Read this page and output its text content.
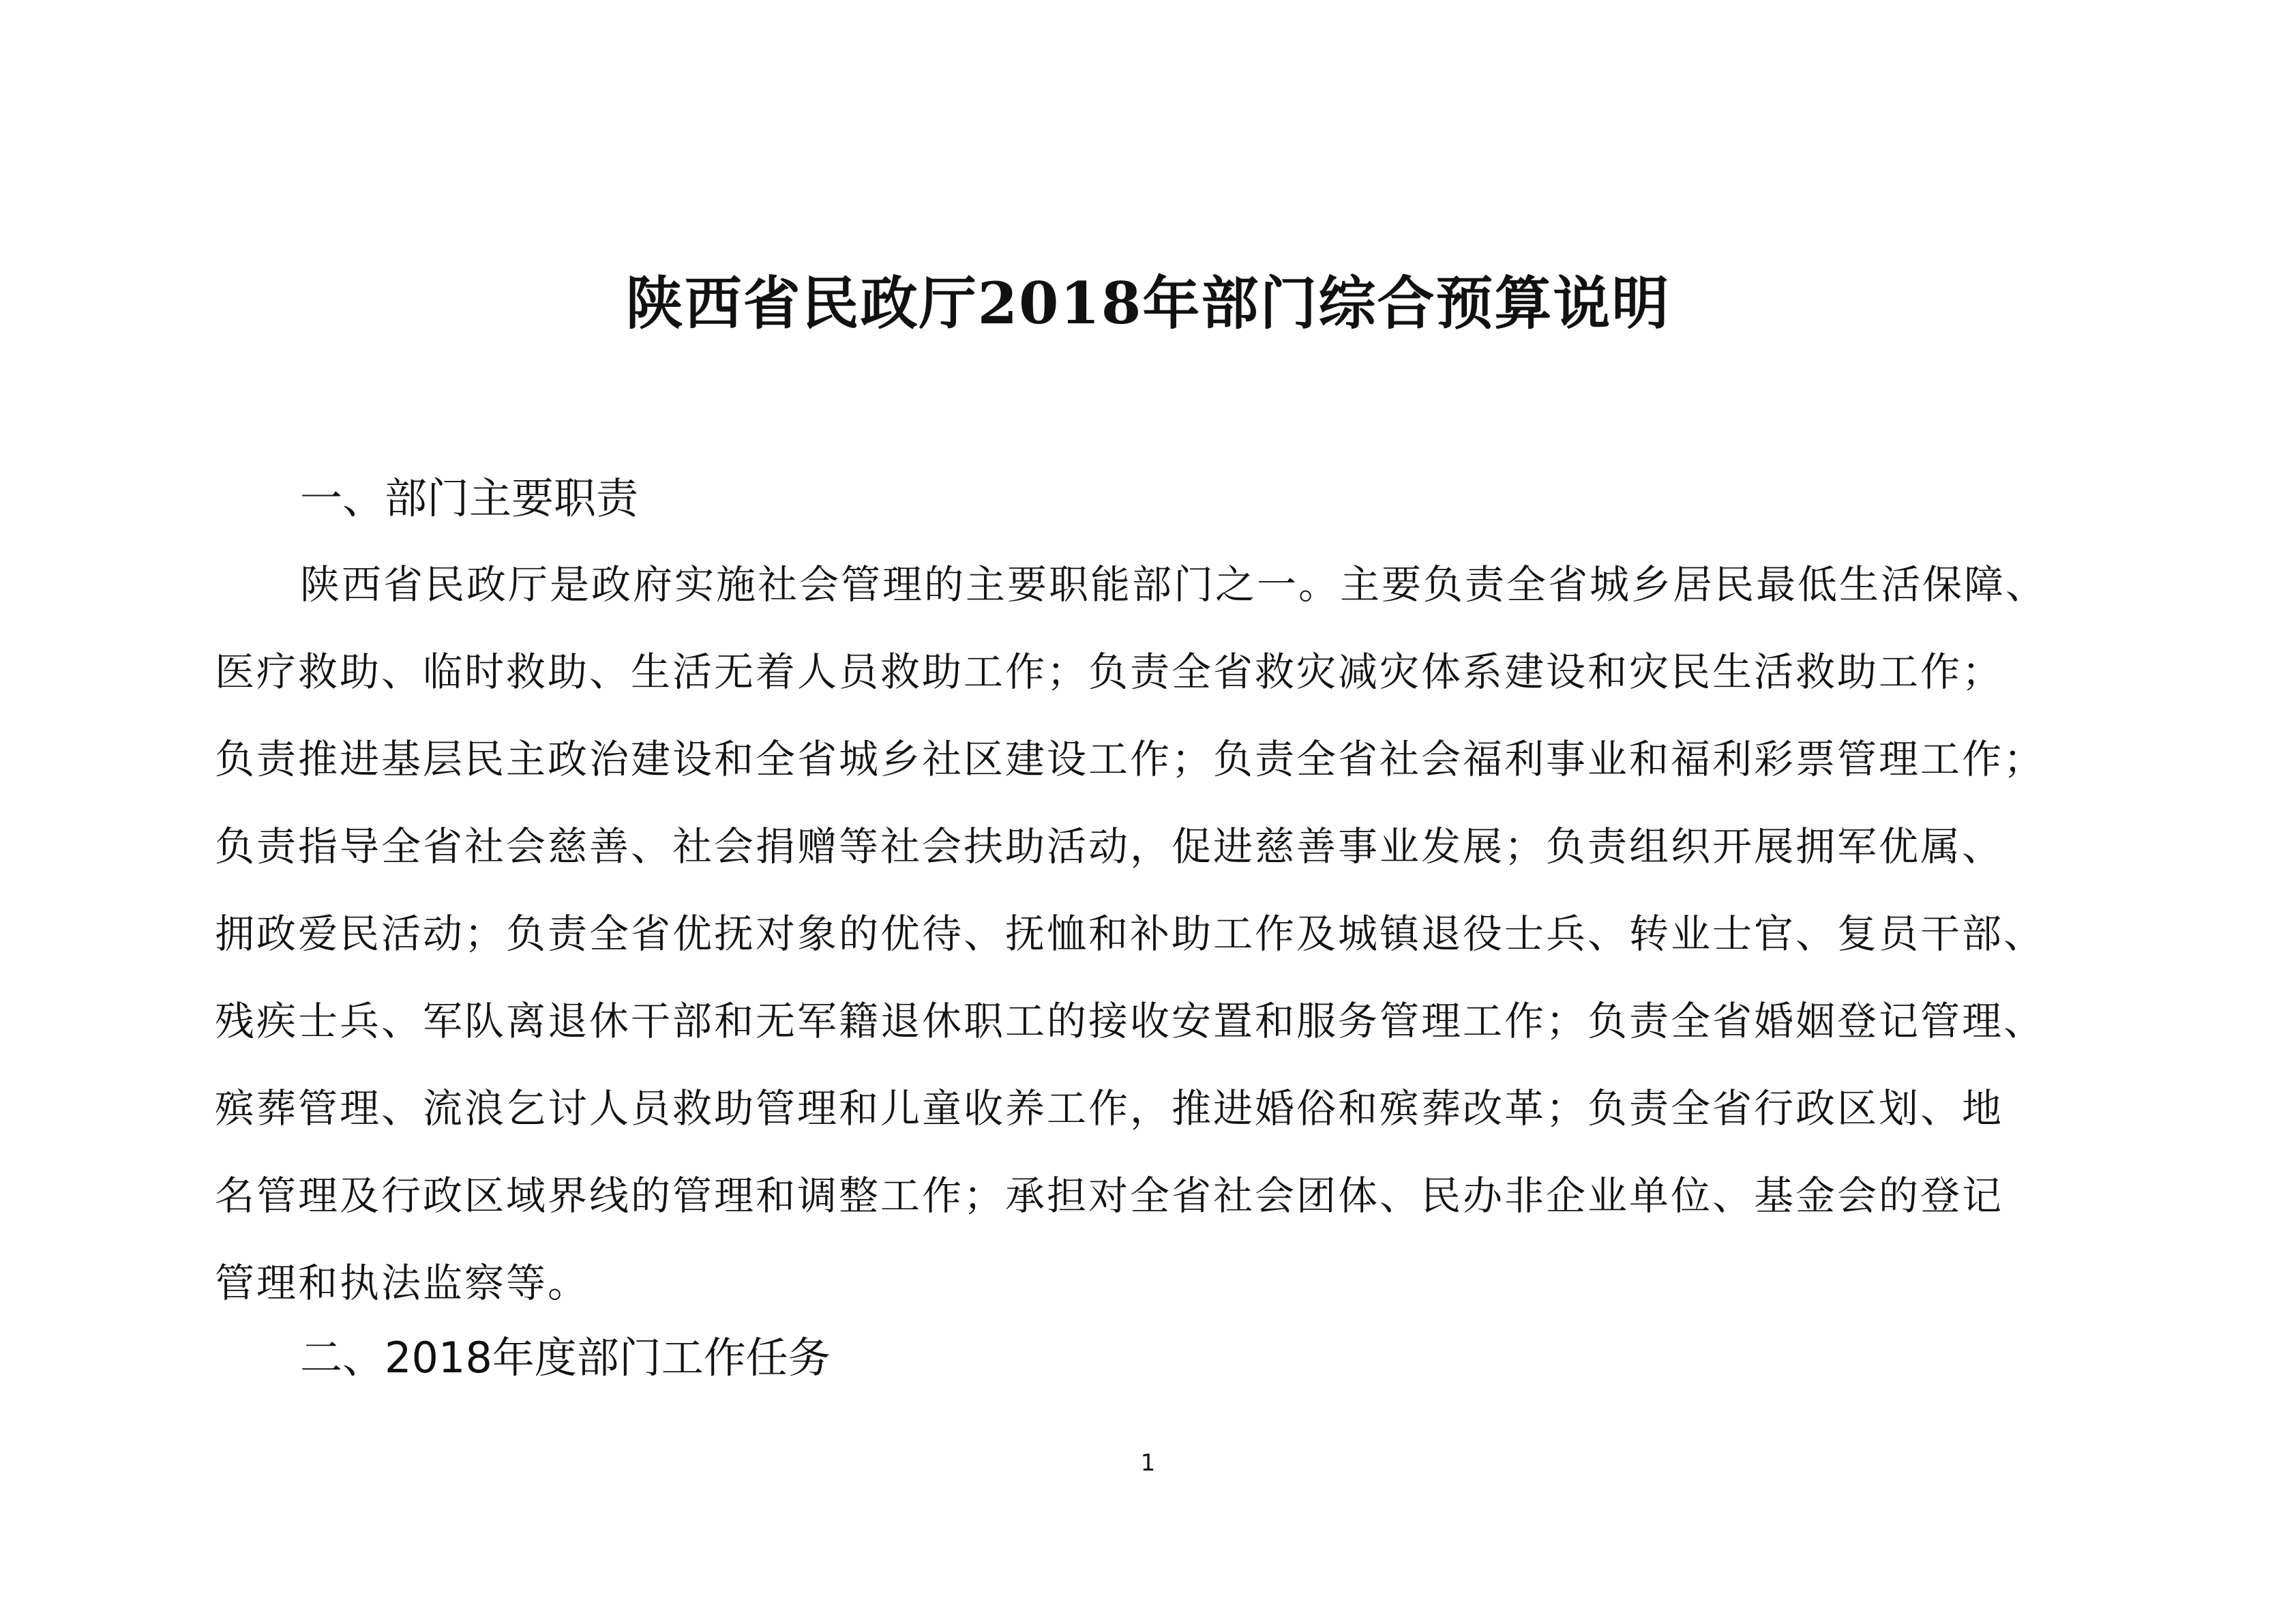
陕西省民政厅2018年部门综合预算说明
一、部门主要职责
陕西省民政厅是政府实施社会管理的主要职能部门之一。主要负责全省城乡居民最低生活保障、
医疗救助、临时救助、生活无着人员救助工作；负责全省救灾减灾体系建设和灾民生活救助工作；
负责推进基层民主政治建设和全省城乡社区建设工作；负责全省社会福利事业和福利彩票管理工作；
负责指导全省社会慈善、社会捐赠等社会扶助活动，促进慈善事业发展；负责组织开展拥军优属、
拥政爱民活动；负责全省优抚对象的优待、抚恤和补助工作及城镇退役士兵、转业士官、复员干部、
残疾士兵、军队离退休干部和无军籍退休职工的接收安置和服务管理工作；负责全省婚姻登记管理、
殡葬管理、流浪乞讨人员救助管理和儿童收养工作，推进婚俗和殡葬改革；负责全省行政区划、地
名管理及行政区域界线的管理和调整工作；承担对全省社会团体、民办非企业单位、基金会的登记
管理和执法监察等。
二、2018年度部门工作任务
1
